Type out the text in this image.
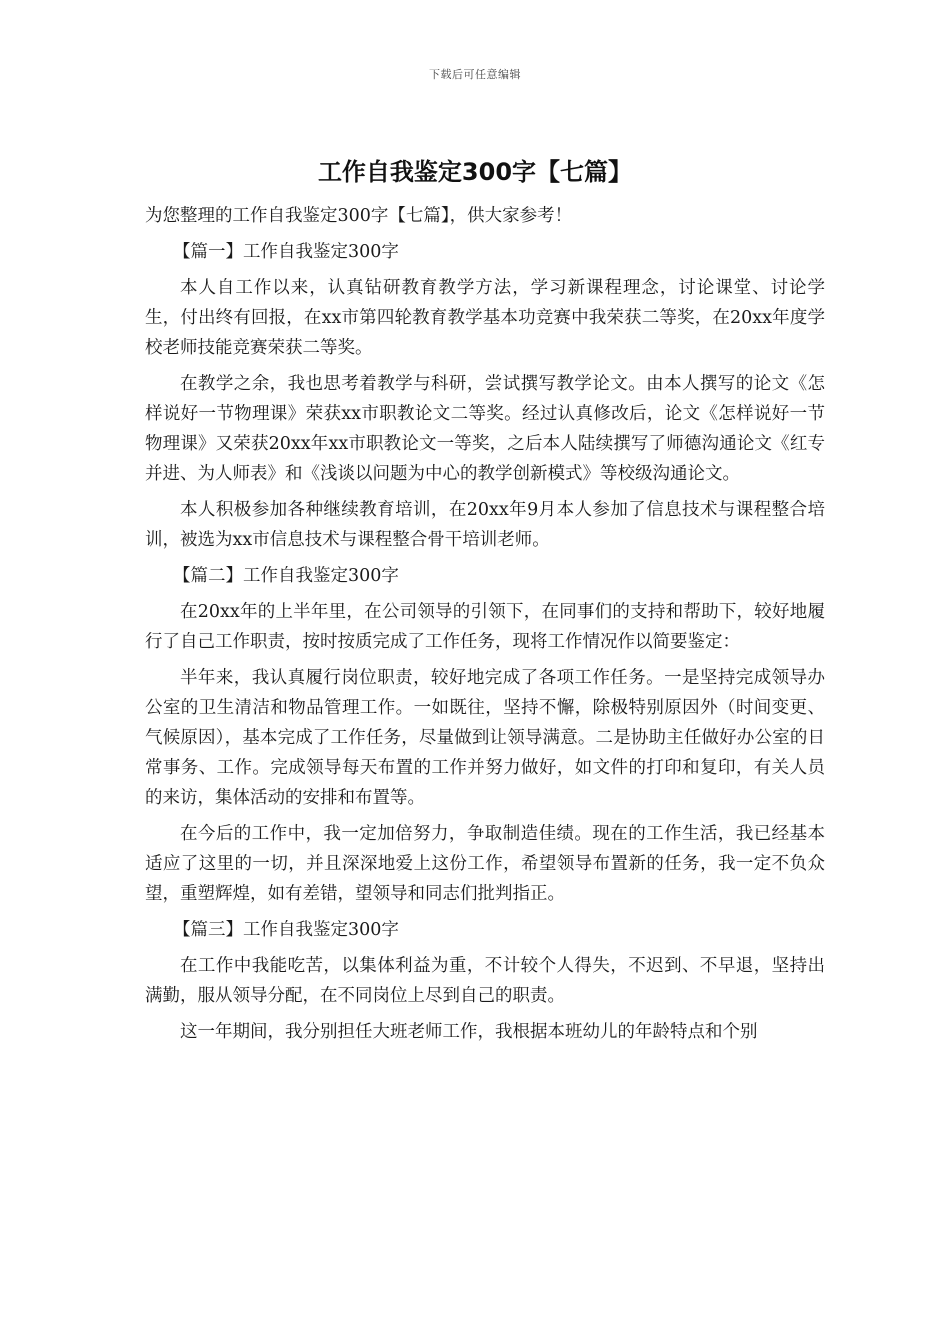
下载后可任意编辑
工作自我鉴定300字【七篇】

为您整理的工作自我鉴定300字【七篇】，供大家参考！

【篇一】工作自我鉴定300字

本人自工作以来，认真钻研教育教学方法，学习新课程理念，讨论课堂、讨论学生，付出终有回报，在xx市第四轮教育教学基本功竞赛中我荣获二等奖，在20xx年度学校老师技能竞赛荣获二等奖。

在教学之余，我也思考着教学与科研，尝试撰写教学论文。由本人撰写的论文《怎样说好一节物理课》荣获xx市职教论文二等奖。经过认真修改后，论文《怎样说好一节物理课》又荣获20xx年xx市职教论文一等奖，之后本人陆续撰写了师德沟通论文《红专并进、为人师表》和《浅谈以问题为中心的教学创新模式》等校级沟通论文。

本人积极参加各种继续教育培训，在20xx年9月本人参加了信息技术与课程整合培训，被选为xx市信息技术与课程整合骨干培训老师。

【篇二】工作自我鉴定300字

在20xx年的上半年里，在公司领导的引领下，在同事们的支持和帮助下，较好地履行了自己工作职责，按时按质完成了工作任务，现将工作情况作以简要鉴定：

半年来，我认真履行岗位职责，较好地完成了各项工作任务。一是坚持完成领导办公室的卫生清洁和物品管理工作。一如既往，坚持不懈，除极特别原因外（时间变更、气候原因），基本完成了工作任务，尽量做到让领导满意。二是协助主任做好办公室的日常事务、工作。完成领导每天布置的工作并努力做好，如文件的打印和复印，有关人员的来访，集体活动的安排和布置等。

在今后的工作中，我一定加倍努力，争取制造佳绩。现在的工作生活，我已经基本适应了这里的一切，并且深深地爱上这份工作，希望领导布置新的任务，我一定不负众望，重塑辉煌，如有差错，望领导和同志们批判指正。

【篇三】工作自我鉴定300字

在工作中我能吃苦，以集体利益为重，不计较个人得失，不迟到、不早退，坚持出满勤，服从领导分配，在不同岗位上尽到自己的职责。

这一年期间，我分别担任大班老师工作，我根据本班幼儿的年龄特点和个别
